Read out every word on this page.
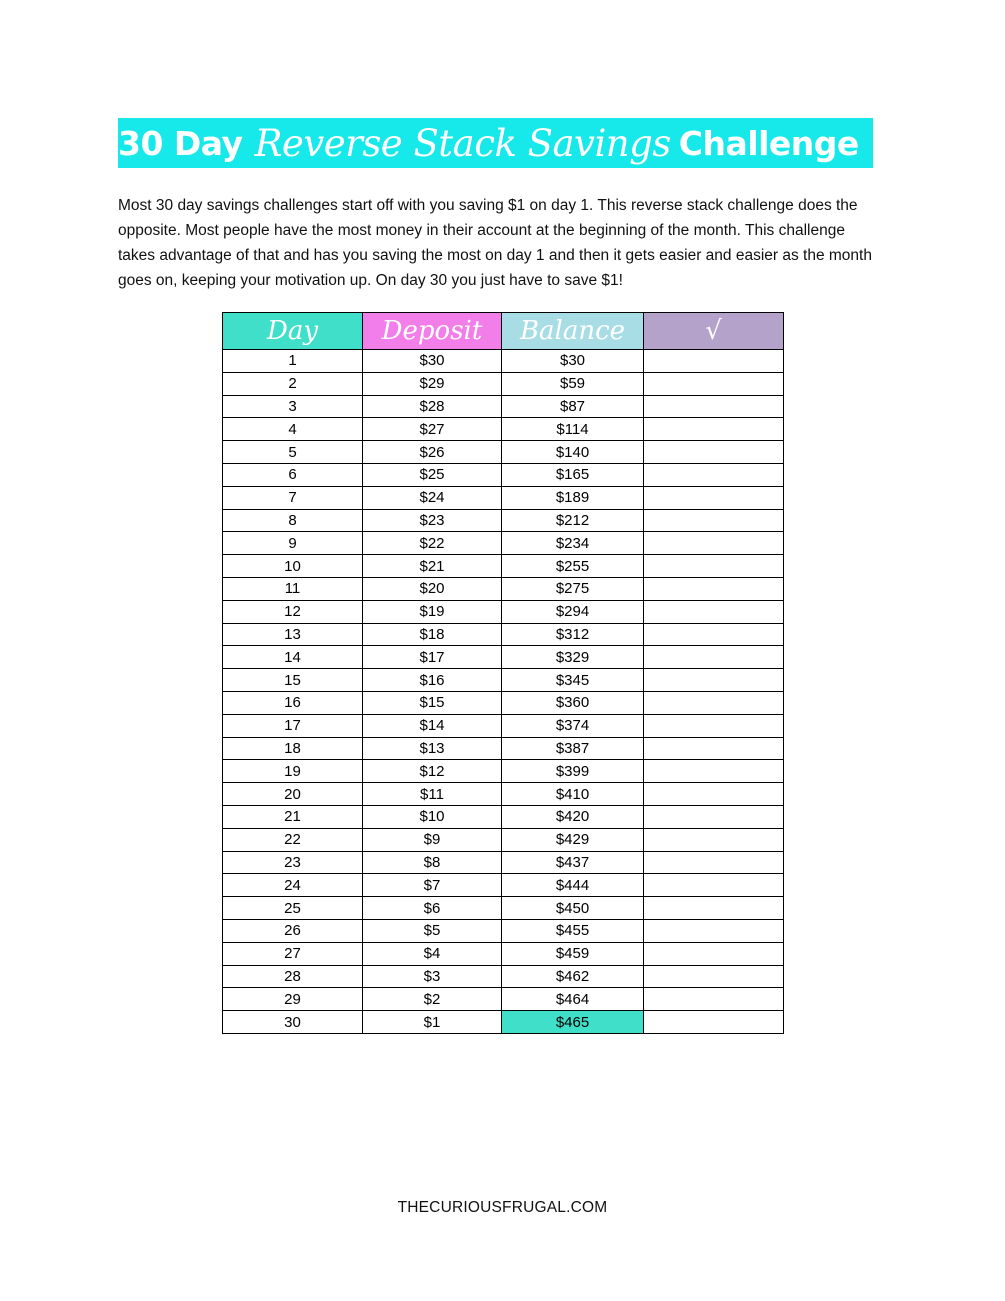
30 Day Reverse Stack Savings Challenge

Most 30 day savings challenges start off with you saving $1 on day 1. This reverse stack challenge does the opposite. Most people have the most money in their account at the beginning of the month. This challenge takes advantage of that and has you saving the most on day 1 and then it gets easier and easier as the month goes on, keeping your motivation up. On day 30 you just have to save $1!

Day	Deposit	Balance	√
1	$30	$30	
2	$29	$59	
3	$28	$87	
4	$27	$114	
5	$26	$140	
6	$25	$165	
7	$24	$189	
8	$23	$212	
9	$22	$234	
10	$21	$255	
11	$20	$275	
12	$19	$294	
13	$18	$312	
14	$17	$329	
15	$16	$345	
16	$15	$360	
17	$14	$374	
18	$13	$387	
19	$12	$399	
20	$11	$410	
21	$10	$420	
22	$9	$429	
23	$8	$437	
24	$7	$444	
25	$6	$450	
26	$5	$455	
27	$4	$459	
28	$3	$462	
29	$2	$464	
30	$1	$465	
THECURIOUSFRUGAL.COM
